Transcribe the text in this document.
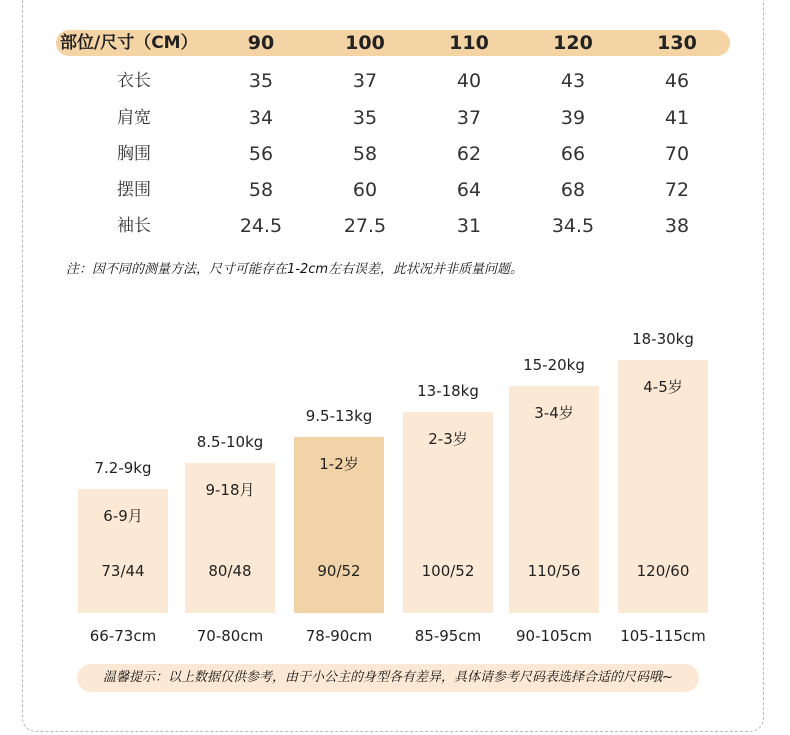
部位/尺寸（CM）	90	100	110	120	130
衣长	35	37	40	43	46
肩宽	34	35	37	39	41
胸围	56	58	62	66	70
摆围	58	60	64	68	72
袖长	24.5	27.5	31	34.5	38
注：因不同的测量方法，尺寸可能存在1-2cm左右误差，此状况并非质量问题。
7.2-9kg
6-9月
73/44
66-73cm
8.5-10kg
9-18月
80/48
70-80cm
9.5-13kg
1-2岁
90/52
78-90cm
13-18kg
2-3岁
100/52
85-95cm
15-20kg
3-4岁
110/56
90-105cm
18-30kg
4-5岁
120/60
105-115cm
温馨提示：以上数据仅供参考，由于小公主的身型各有差异，具体请参考尺码表选择合适的尺码哦~
